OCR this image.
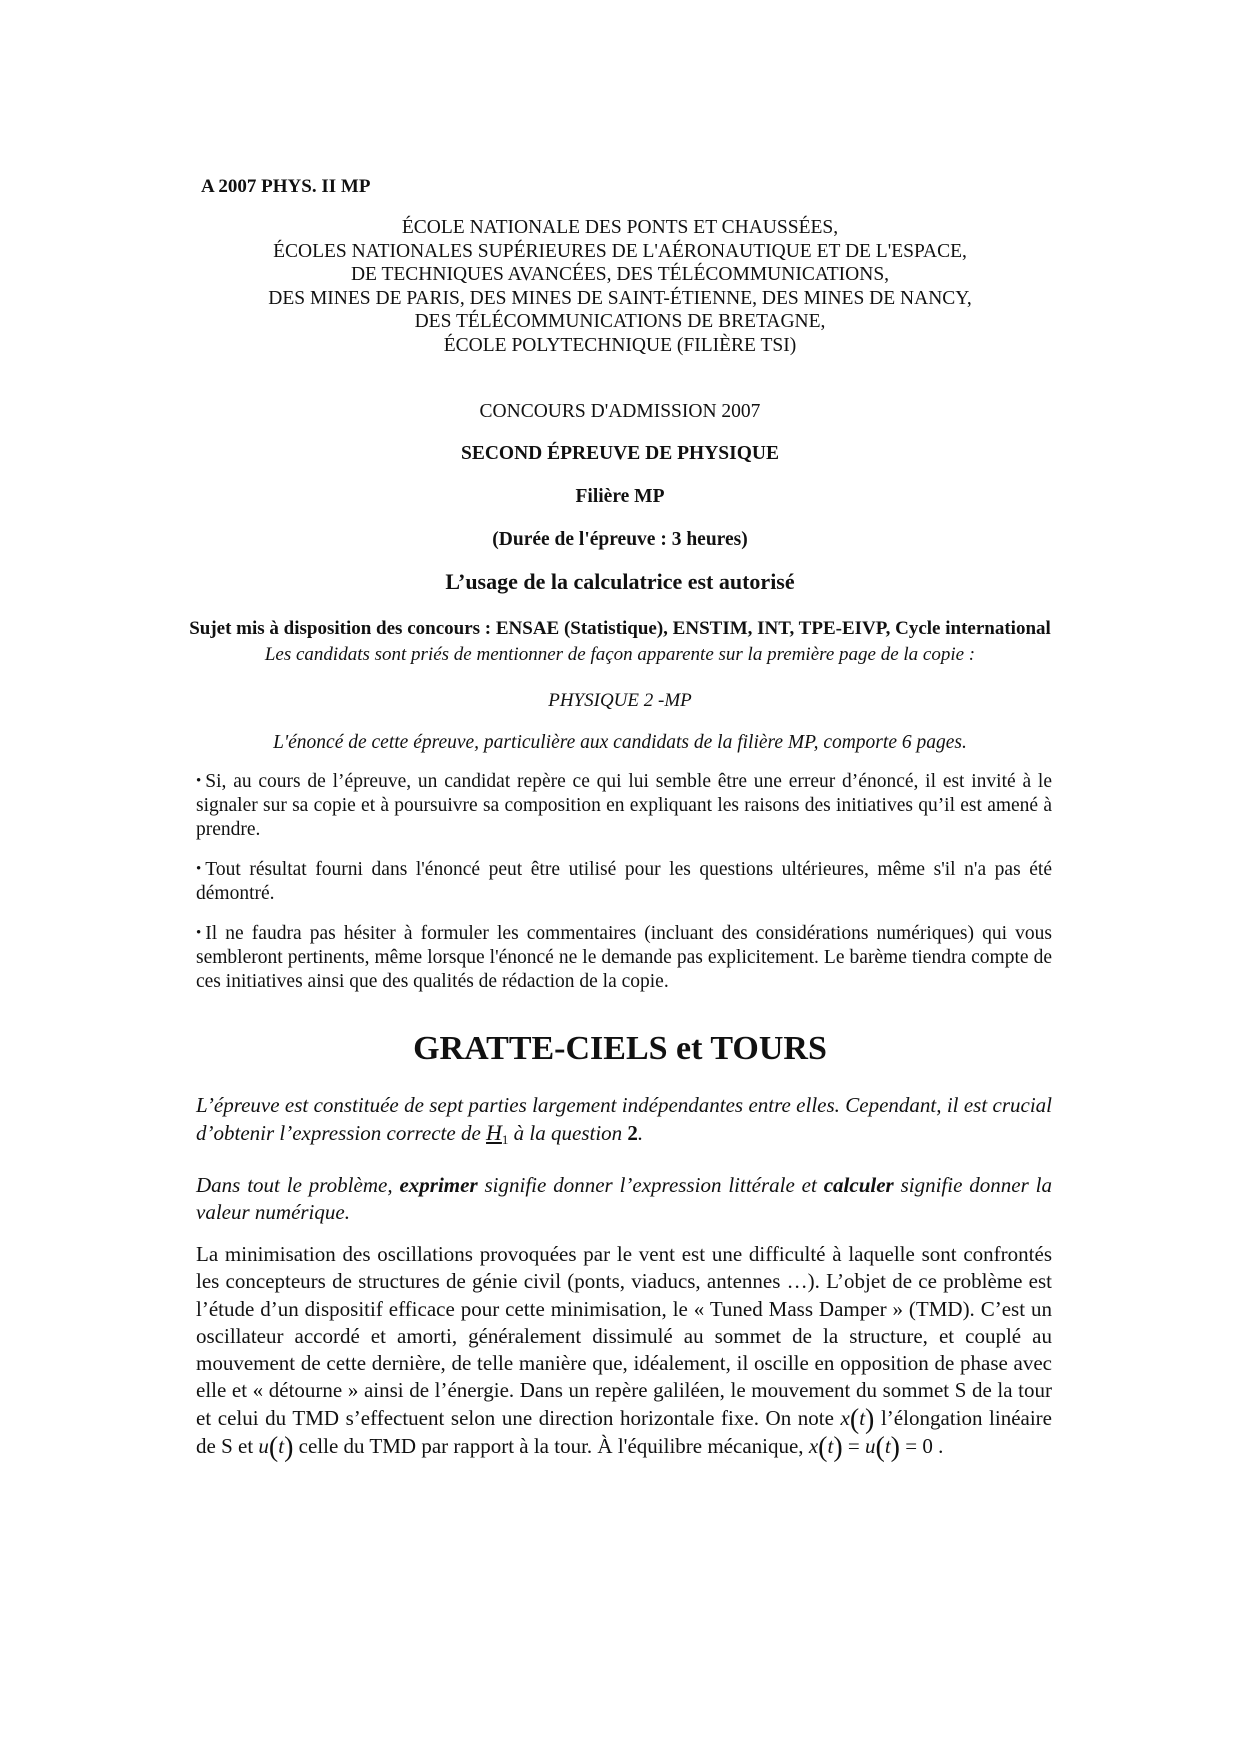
A 2007 PHYS. II MP
ÉCOLE NATIONALE DES PONTS ET CHAUSSÉES,
ÉCOLES NATIONALES SUPÉRIEURES DE L'AÉRONAUTIQUE ET DE L'ESPACE,
DE TECHNIQUES AVANCÉES, DES TÉLÉCOMMUNICATIONS,
DES MINES DE PARIS, DES MINES DE SAINT-ÉTIENNE, DES MINES DE NANCY,
DES TÉLÉCOMMUNICATIONS DE BRETAGNE,
ÉCOLE POLYTECHNIQUE (FILIÈRE TSI)
CONCOURS D'ADMISSION 2007
SECOND ÉPREUVE DE PHYSIQUE
Filière MP
(Durée de l'épreuve : 3 heures)
L’usage de la calculatrice est autorisé
Sujet mis à disposition des concours : ENSAE (Statistique), ENSTIM, INT, TPE-EIVP, Cycle international
Les candidats sont priés de mentionner de façon apparente sur la première page de la copie :
PHYSIQUE 2 -MP
L'énoncé de cette épreuve, particulière aux candidats de la filière MP, comporte 6 pages.
• Si, au cours de l’épreuve, un candidat repère ce qui lui semble être une erreur d’énoncé, il est invité à le signaler sur sa copie et à poursuivre sa composition en expliquant les raisons des initiatives qu’il est amené à prendre.
• Tout résultat fourni dans l'énoncé peut être utilisé pour les questions ultérieures, même s'il n'a pas été démontré.
• Il ne faudra pas hésiter à formuler les commentaires (incluant des considérations numériques) qui vous sembleront pertinents, même lorsque l'énoncé ne le demande pas explicitement. Le barème tiendra compte de ces initiatives ainsi que des qualités de rédaction de la copie.
GRATTE-CIELS et TOURS
L’épreuve est constituée de sept parties largement indépendantes entre elles. Cependant, il est crucial d’obtenir l’expression correcte de $H_1$ à la question 2.
Dans tout le problème, exprimer signifie donner l’expression littérale et calculer signifie donner la valeur numérique.
La minimisation des oscillations provoquées par le vent est une difficulté à laquelle sont confrontés les concepteurs de structures de génie civil (ponts, viaducs, antennes …). L’objet de ce problème est l’étude d’un dispositif efficace pour cette minimisation, le « Tuned Mass Damper » (TMD). C’est un oscillateur accordé et amorti, généralement dissimulé au sommet de la structure, et couplé au mouvement de cette dernière, de telle manière que, idéalement, il oscille en opposition de phase avec elle et « détourne » ainsi de l’énergie. Dans un repère galiléen, le mouvement du sommet S de la tour et celui du TMD s’effectuent selon une direction horizontale fixe. On note x(t) l’élongation linéaire de S et u(t) celle du TMD par rapport à la tour. À l'équilibre mécanique, x(t) = u(t) = 0 .
